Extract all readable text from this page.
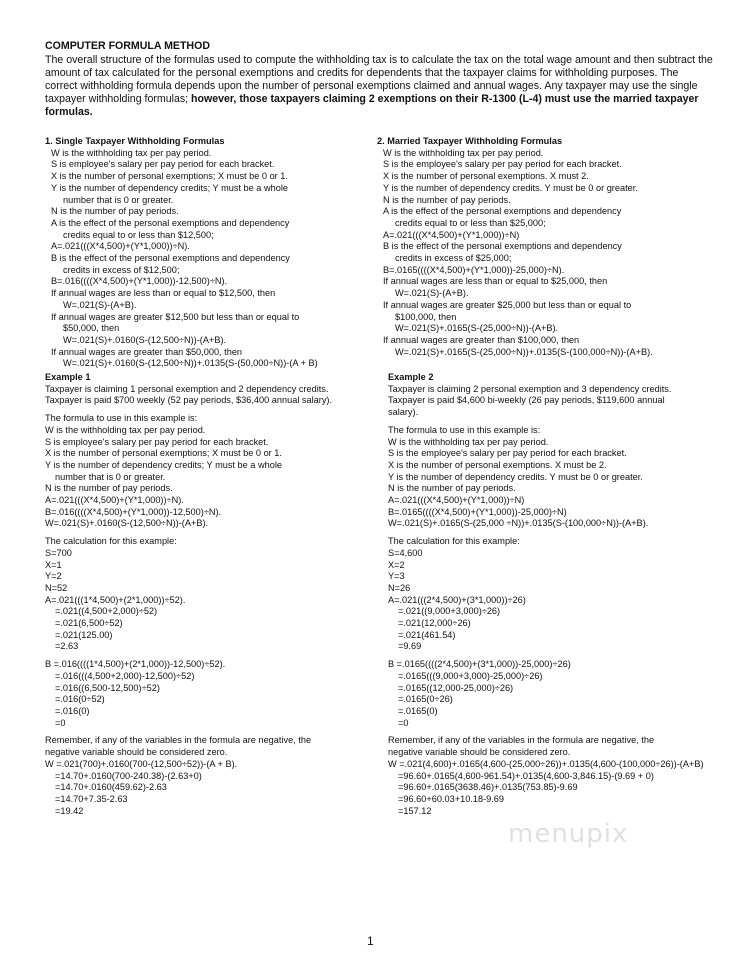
COMPUTER FORMULA METHOD
The overall structure of the formulas used to compute the withholding tax is to calculate the tax on the total wage amount and then subtract the amount of tax calculated for the personal exemptions and credits for dependents that the taxpayer claims for withholding purposes. The correct withholding formula depends upon the number of personal exemptions claimed and annual wages. Any taxpayer may use the single taxpayer withholding formulas; however, those taxpayers claiming 2 exemptions on their R-1300 (L-4) must use the married taxpayer formulas.
1. Single Taxpayer Withholding Formulas
W is the withholding tax per pay period.
S is employee's salary per pay period for each bracket.
X is the number of personal exemptions; X must be 0 or 1.
Y is the number of dependency credits; Y must be a whole
number that is 0 or greater.
N is the number of pay periods.
A is the effect of the personal exemptions and dependency
credits equal to or less than $12,500;
A=.021(((X*4,500)+(Y*1,000))÷N).
B is the effect of the personal exemptions and dependency
credits in excess of $12,500;
B=.016((((X*4,500)+(Y*1,000))-12,500)÷N).
If annual wages are less than or equal to $12,500, then
W=.021(S)-(A+B).
If annual wages are greater $12,500 but less than or equal to
$50,000, then
W=.021(S)+.0160(S-(12,500÷N))-(A+B).
If annual wages are greater than $50,000, then
W=.021(S)+.0160(S-(12,500÷N))+.0135(S-(50,000÷N))-(A + B)
2. Married Taxpayer Withholding Formulas
W is the withholding tax per pay period.
S is the employee's salary per pay period for each bracket.
X is the number of personal exemptions. X must 2.
Y is the number of dependency credits. Y must be 0 or greater.
N is the number of pay periods.
A is the effect of the personal exemptions and dependency
credits equal to or less than $25,000;
A=.021(((X*4,500)+(Y*1,000))÷N)
B is the effect of the personal exemptions and dependency
credits in excess of $25,000;
B=.0165((((X*4,500)+(Y*1,000))-25,000)÷N).
If annual wages are less than or equal to $25,000, then
W=.021(S)-(A+B).
If annual wages are greater $25,000 but less than or equal to
$100,000, then
W=.021(S)+.0165(S-(25,000÷N))-(A+B).
If annual wages are greater than $100,000, then
W=.021(S)+.0165(S-(25,000÷N))+.0135(S-(100,000÷N))-(A+B).
Example 1
Taxpayer is claiming 1 personal exemption and 2 dependency credits.
Taxpayer is paid $700 weekly (52 pay periods, $36,400 annual salary).
The formula to use in this example is:
W is the withholding tax per pay period.
S is employee's salary per pay period for each bracket.
X is the number of personal exemptions; X must be 0 or 1.
Y is the number of dependency credits; Y must be a whole
number that is 0 or greater.
N is the number of pay periods.
A=.021(((X*4,500)+(Y*1,000))÷N).
B=.016((((X*4,500)+(Y*1,000))-12,500)÷N).
W=.021(S)+.0160(S-(12,500÷N))-(A+B).
The calculation for this example:
S=700
X=1
Y=2
N=52
A=.021(((1*4,500)+(2*1,000))÷52).
=.021((4,500+2,000)÷52)
=.021(6,500÷52)
=.021(125.00)
=2.63
B =.016((((1*4,500)+(2*1,000))-12,500)÷52).
=.016(((4,500+2,000)-12,500)÷52)
=.016((6,500-12,500)÷52)
=.016(0÷52)
=.016(0)
=0
Remember, if any of the variables in the formula are negative, the
negative variable should be considered zero.
W =.021(700)+.0160(700-(12,500÷52))-(A + B).
=14.70+.0160(700-240.38)-(2.63+0)
=14.70+.0160(459.62)-2.63
=14.70+7.35-2.63
=19.42
Example 2
Taxpayer is claiming 2 personal exemption and 3 dependency credits.
Taxpayer is paid $4,600 bi-weekly (26 pay periods, $119,600 annual
salary).
The formula to use in this example is:
W is the withholding tax per pay period.
S is the employee's salary per pay period for each bracket.
X is the number of personal exemptions. X must be 2.
Y is the number of dependency credits. Y must be 0 or greater.
N is the number of pay periods.
A=.021(((X*4,500)+(Y*1,000))÷N)
B=.0165((((X*4,500)+(Y*1,000))-25,000)÷N)
W=.021(S)+.0165(S-(25,000 ÷N))+.0135(S-(100,000÷N))-(A+B).
The calculation for this example:
S=4,600
X=2
Y=3
N=26
A=.021(((2*4,500)+(3*1,000))÷26)
=.021((9,000+3,000)÷26)
=.021(12,000÷26)
=.021(461.54)
=9.69
B =.0165((((2*4,500)+(3*1,000))-25,000)÷26)
=.0165(((9,000+3,000)-25,000)÷26)
=.0165((12,000-25,000)÷26)
=.0165(0÷26)
=.0165(0)
=0
Remember, if any of the variables in the formula are negative, the
negative variable should be considered zero.
W =.021(4,600)+.0165(4,600-(25,000÷26))+.0135(4,600-(100,000÷26))-(A+B)
=96.60+.0165(4,600-961.54)+.0135(4,600-3,846.15)-(9.69 + 0)
=96.60+.0165(3638.46)+.0135(753.85)-9.69
=96.60+60.03+10.18-9.69
=157.12
menupix
1
